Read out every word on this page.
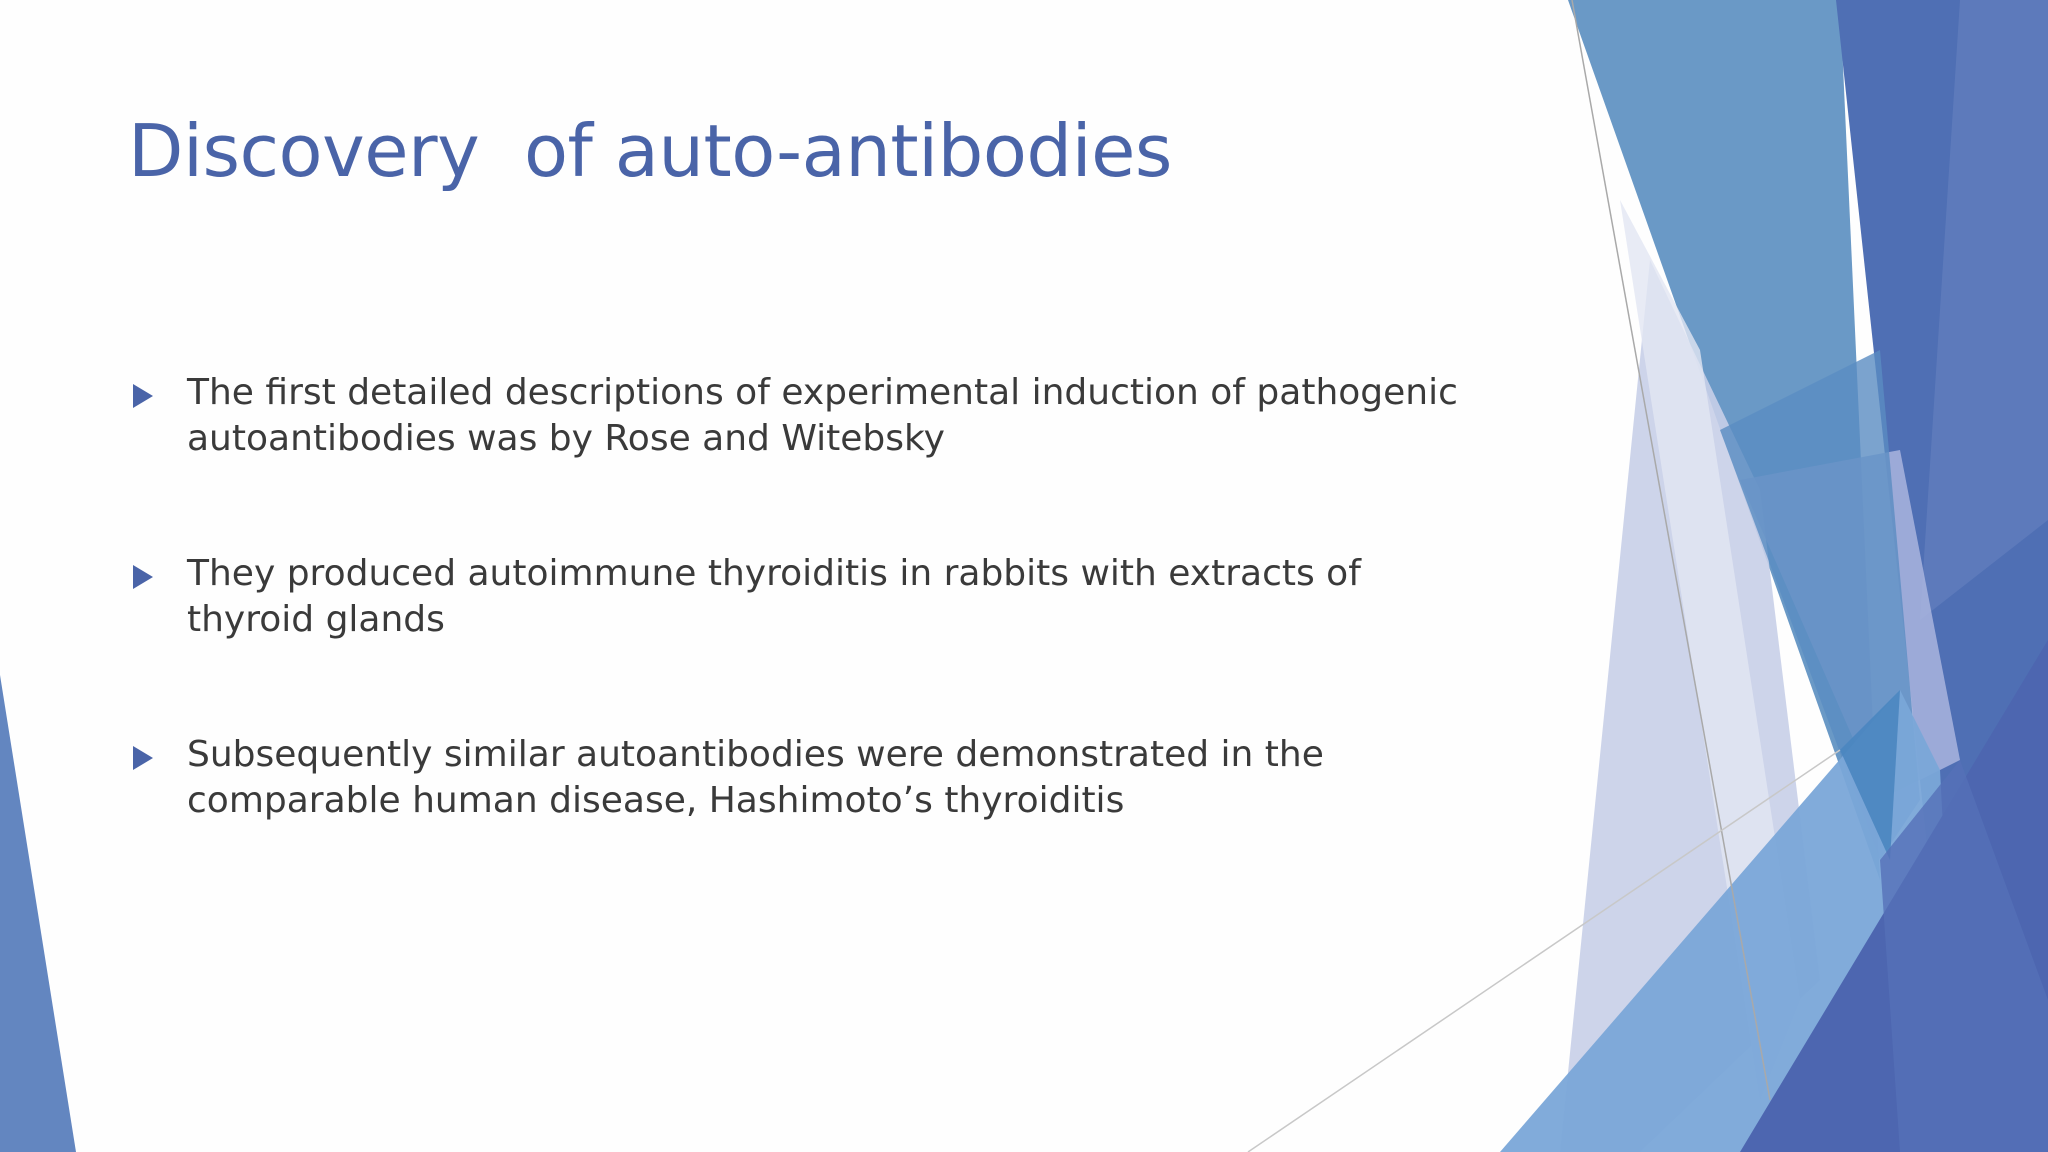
Discovery  of auto-antibodies
The first detailed descriptions of experimental induction of pathogenic autoantibodies was by Rose and Witebsky
They produced autoimmune thyroiditis in rabbits with extracts of thyroid glands
Subsequently similar autoantibodies were demonstrated in the comparable human disease, Hashimoto’s thyroiditis
